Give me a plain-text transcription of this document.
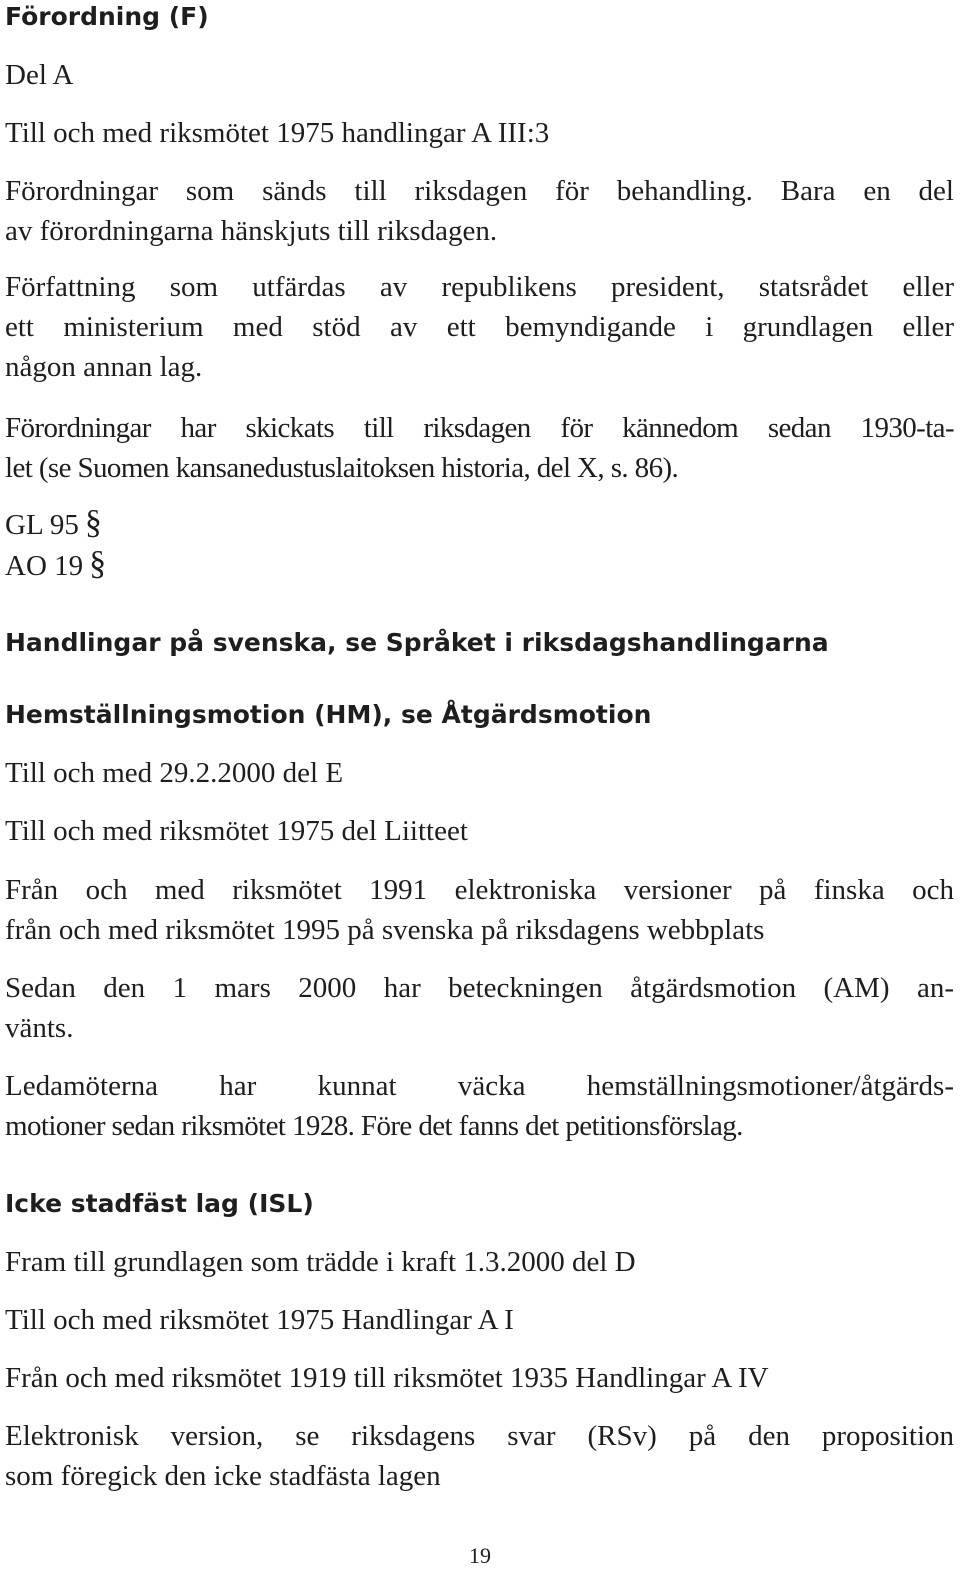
Förordning (F)

Del A

Till och med riksmötet 1975 handlingar A III:3

Förordningar som sänds till riksdagen för behandling. Bara en del
av förordningarna hänskjuts till riksdagen.

Författning som utfärdas av republikens president, statsrådet eller
ett ministerium med stöd av ett bemyndigande i grundlagen eller
någon annan lag.

Förordningar har skickats till riksdagen för kännedom sedan 1930-ta-
let (se Suomen kansanedustuslaitoksen historia, del X, s. 86).

GL 95 §

AO 19 §

Handlingar på svenska, se Språket i riksdagshandlingarna
Hemställningsmotion (HM), se Åtgärdsmotion

Till och med 29.2.2000 del E

Till och med riksmötet 1975 del Liitteet

Från och med riksmötet 1991 elektroniska versioner på finska och
från och med riksmötet 1995 på svenska på riksdagens webbplats

Sedan den 1 mars 2000 har beteckningen åtgärdsmotion (AM) an-
vänts.

Ledamöterna har kunnat väcka hemställningsmotioner/åtgärds-
motioner sedan riksmötet 1928. Före det fanns det petitionsförslag.

Icke stadfäst lag (ISL)

Fram till grundlagen som trädde i kraft 1.3.2000 del D

Till och med riksmötet 1975 Handlingar A I

Från och med riksmötet 1919 till riksmötet 1935 Handlingar A IV

Elektronisk version, se riksdagens svar (RSv) på den proposition
som föregick den icke stadfästa lagen

19
